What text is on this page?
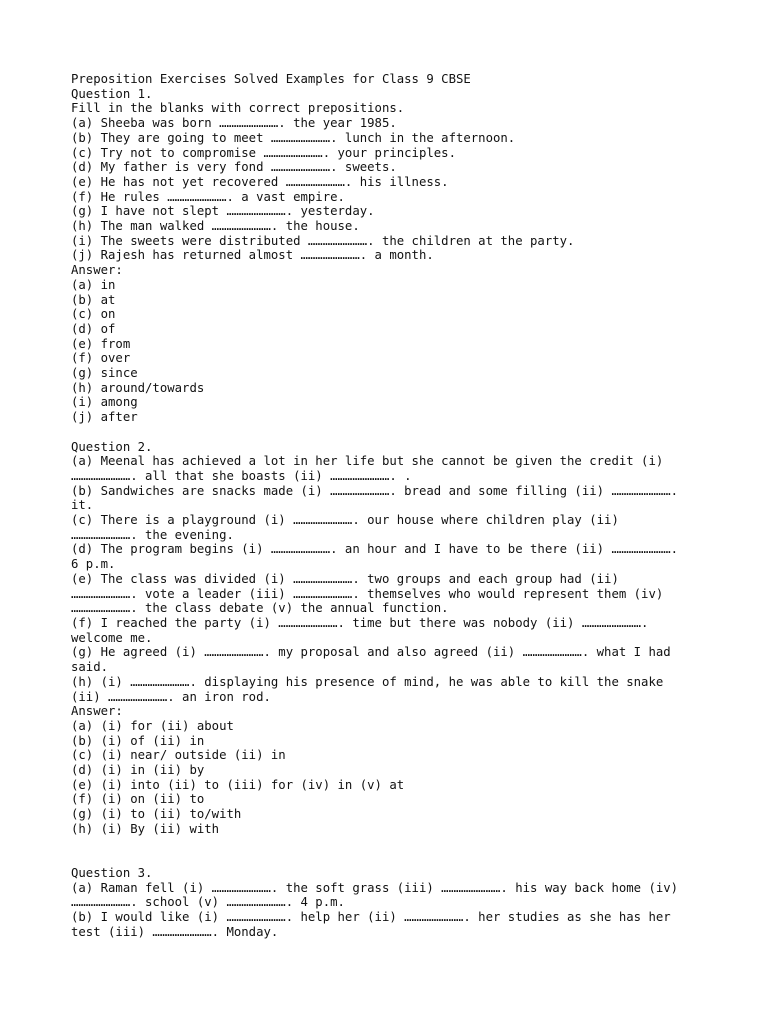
Preposition Exercises Solved Examples for Class 9 CBSE
Question 1.
Fill in the blanks with correct prepositions.
(a) Sheeba was born ……………………. the year 1985.
(b) They are going to meet ……………………. lunch in the afternoon.
(c) Try not to compromise ……………………. your principles.
(d) My father is very fond ……………………. sweets.
(e) He has not yet recovered ……………………. his illness.
(f) He rules ……………………. a vast empire.
(g) I have not slept ……………………. yesterday.
(h) The man walked ……………………. the house.
(i) The sweets were distributed ……………………. the children at the party.
(j) Rajesh has returned almost ……………………. a month.
Answer:
(a) in
(b) at
(c) on
(d) of
(e) from
(f) over
(g) since
(h) around/towards
(i) among
(j) after
Question 2.
(a) Meenal has achieved a lot in her life but she cannot be given the credit (i)
……………………. all that she boasts (ii) ……………………. .
(b) Sandwiches are snacks made (i) ……………………. bread and some filling (ii) …………………….
it.
(c) There is a playground (i) ……………………. our house where children play (ii)
……………………. the evening.
(d) The program begins (i) ……………………. an hour and I have to be there (ii) …………………….
6 p.m.
(e) The class was divided (i) ……………………. two groups and each group had (ii)
……………………. vote a leader (iii) ……………………. themselves who would represent them (iv)
……………………. the class debate (v) the annual function.
(f) I reached the party (i) ……………………. time but there was nobody (ii) …………………….
welcome me.
(g) He agreed (i) ……………………. my proposal and also agreed (ii) ……………………. what I had
said.
(h) (i) ……………………. displaying his presence of mind, he was able to kill the snake
(ii) ……………………. an iron rod.
Answer:
(a) (i) for (ii) about
(b) (i) of (ii) in
(c) (i) near/ outside (ii) in
(d) (i) in (ii) by
(e) (i) into (ii) to (iii) for (iv) in (v) at
(f) (i) on (ii) to
(g) (i) to (ii) to/with
(h) (i) By (ii) with
Question 3.
(a) Raman fell (i) ……………………. the soft grass (iii) ……………………. his way back home (iv)
……………………. school (v) ……………………. 4 p.m.
(b) I would like (i) ……………………. help her (ii) ……………………. her studies as she has her
test (iii) ……………………. Monday.
